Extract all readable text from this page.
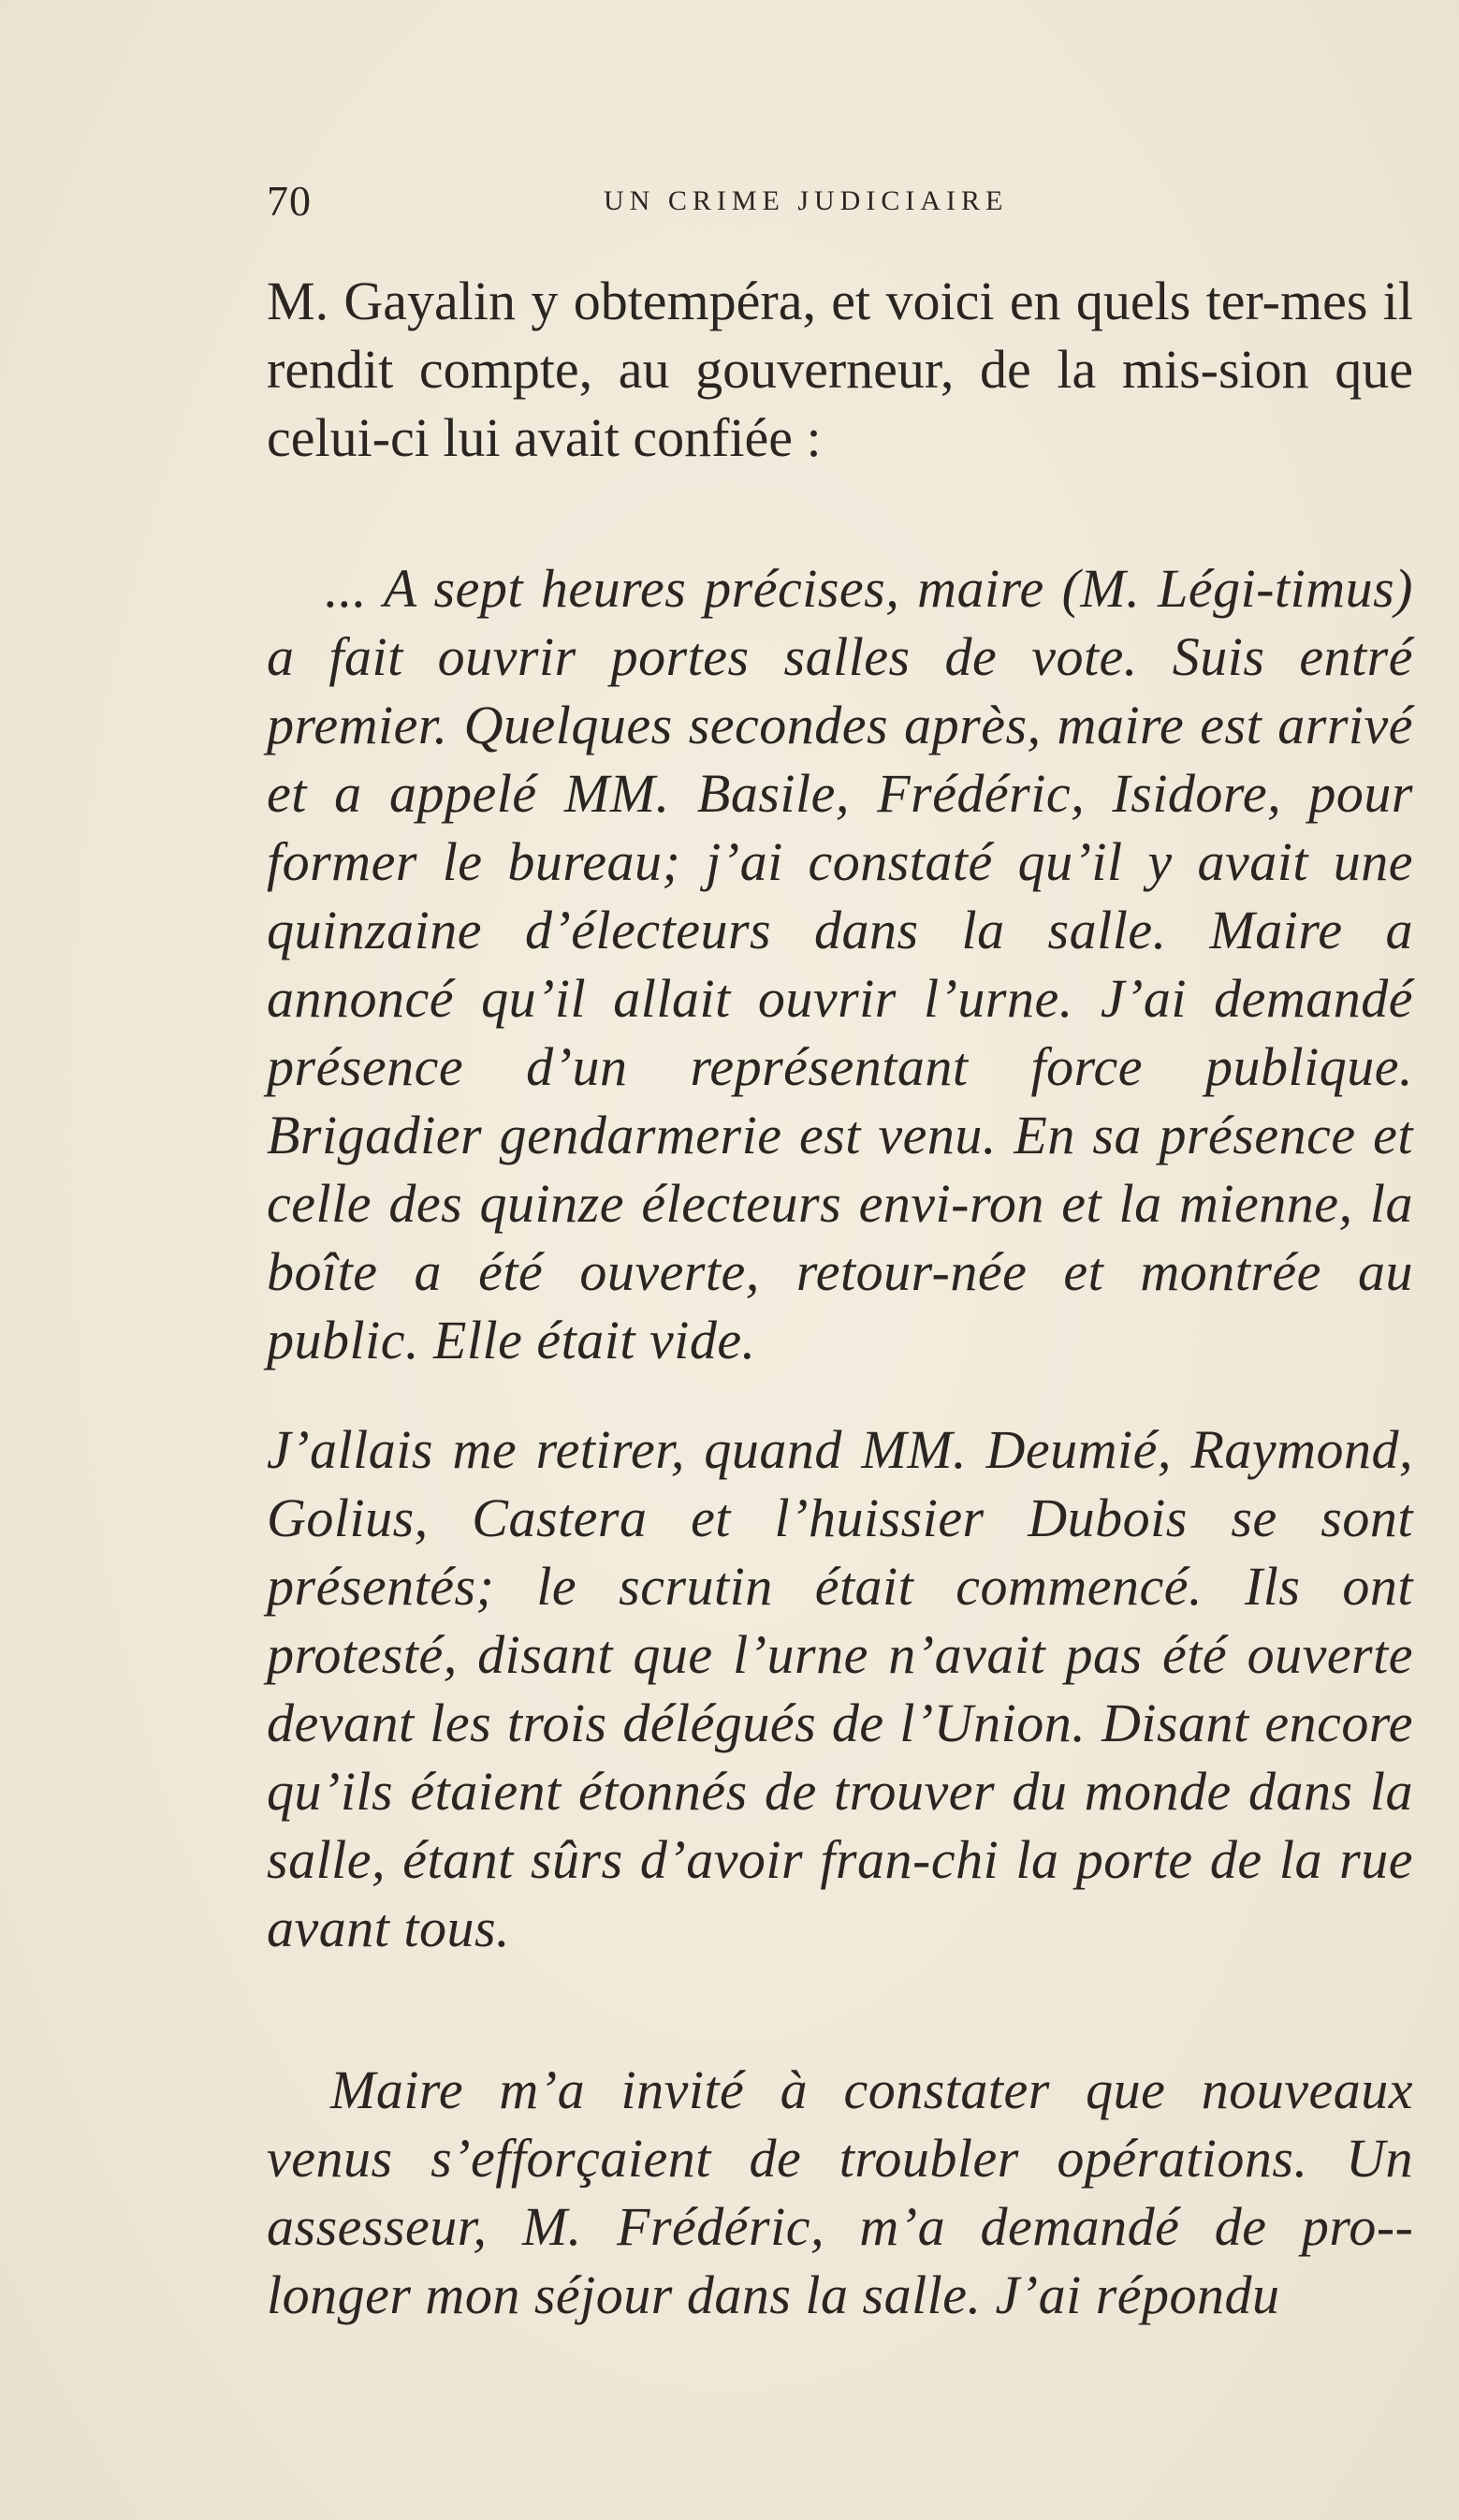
70	UN CRIME JUDICIAIRE

M. Gayalin y obtempéra, et voici en quels ter-mes il rendit compte, au gouverneur, de la mis-sion que celui-ci lui avait confiée :

... A sept heures précises, maire (M. Légi-timus) a fait ouvrir portes salles de vote. Suis entré premier. Quelques secondes après, maire est arrivé et a appelé MM. Basile, Frédéric, Isidore, pour former le bureau; j’ai constaté qu’il y avait une quinzaine d’électeurs dans la salle. Maire a annoncé qu’il allait ouvrir l’urne. J’ai demandé présence d’un représentant force publique. Brigadier gendarmerie est venu. En sa présence et celle des quinze électeurs envi-ron et la mienne, la boîte a été ouverte, retour-née et montrée au public. Elle était vide.

J’allais me retirer, quand MM. Deumié, Raymond, Golius, Castera et l’huissier Dubois se sont présentés; le scrutin était commencé. Ils ont protesté, disant que l’urne n’avait pas été ouverte devant les trois délégués de l’Union. Disant encore qu’ils étaient étonnés de trouver du monde dans la salle, étant sûrs d’avoir fran-chi la porte de la rue avant tous.

Maire m’a invité à constater que nouveaux venus s’efforçaient de troubler opérations. Un assesseur, M. Frédéric, m’a demandé de pro-longer mon séjour dans la salle. J’ai répondu
